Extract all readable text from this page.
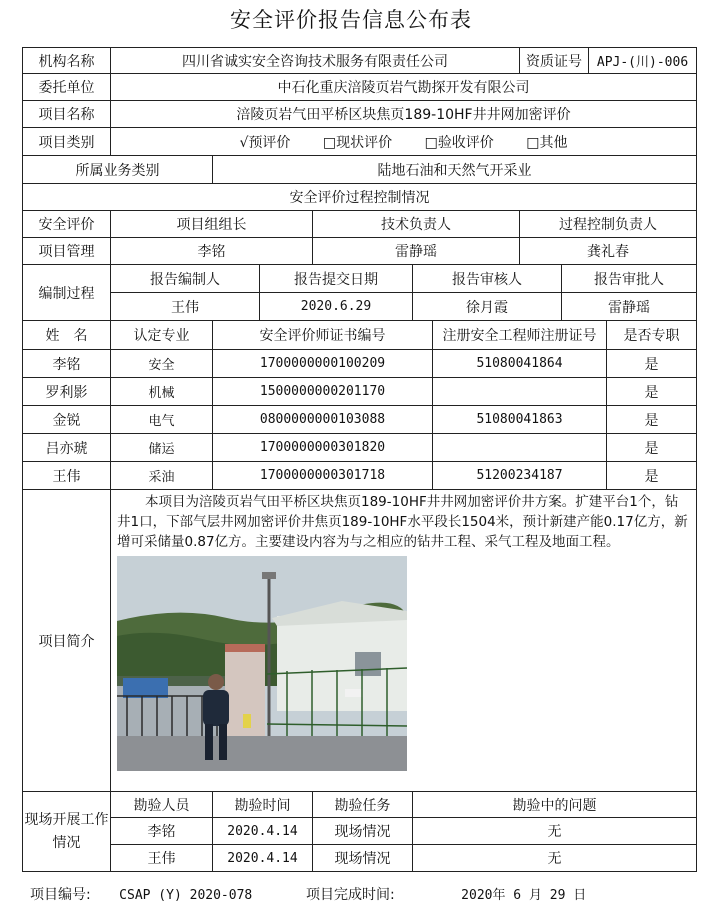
安全评价报告信息公布表
机构名称	四川省诚实安全咨询技术服务有限责任公司						资质证号		APJ-(川)-006	
委托单位	中石化重庆涪陵页岩气勘探开发有限公司									
项目名称	涪陵页岩气田平桥区块焦页189-10HF井井网加密评价									
项目类别	√预评价 □现状评价 □验收评价 □其他									
所属业务类别		陆地石油和天然气开采业								
安全评价过程控制情况										
安全评价	项目组组长			技术负责人			过程控制负责人			
项目管理	李铭			雷静瑶			龚礼春			
编制过程	报告编制人		报告提交日期		报告审核人			报告审批人		
	王伟		2020.6.29		徐月霞			雷静瑶		
姓　名	认定专业	安全评价师证书编号				注册安全工程师注册证号				是否专职
李铭	安全	1700000000100209				51080041864				是
罗利影	机械	1500000000201170								是
金锐	电气	0800000000103088				51080041863				是
吕亦琥	储运	1700000000301820								是
王伟	采油	1700000000301718				51200234187				是
项目简介	本项目为涪陵页岩气田平桥区块焦页189-10HF井井网加密评价井方案。扩建平台1个，钻井1口，下部气层井网加密评价井焦页189-10HF水平段长1504米，预计新建产能0.17亿方，新增可采储量0.87亿方。主要建设内容为与之相应的钻井工程、采气工程及地面工程。									

现场开展工作情况	勘验人员	勘验时间		勘验任务	勘验中的问题					
	李铭	2020.4.14		现场情况	无					
	王伟	2020.4.14		现场情况	无					
项目编号: CSAP (Y) 2020-078	项目完成时间:	2020年 6 月 29 日
